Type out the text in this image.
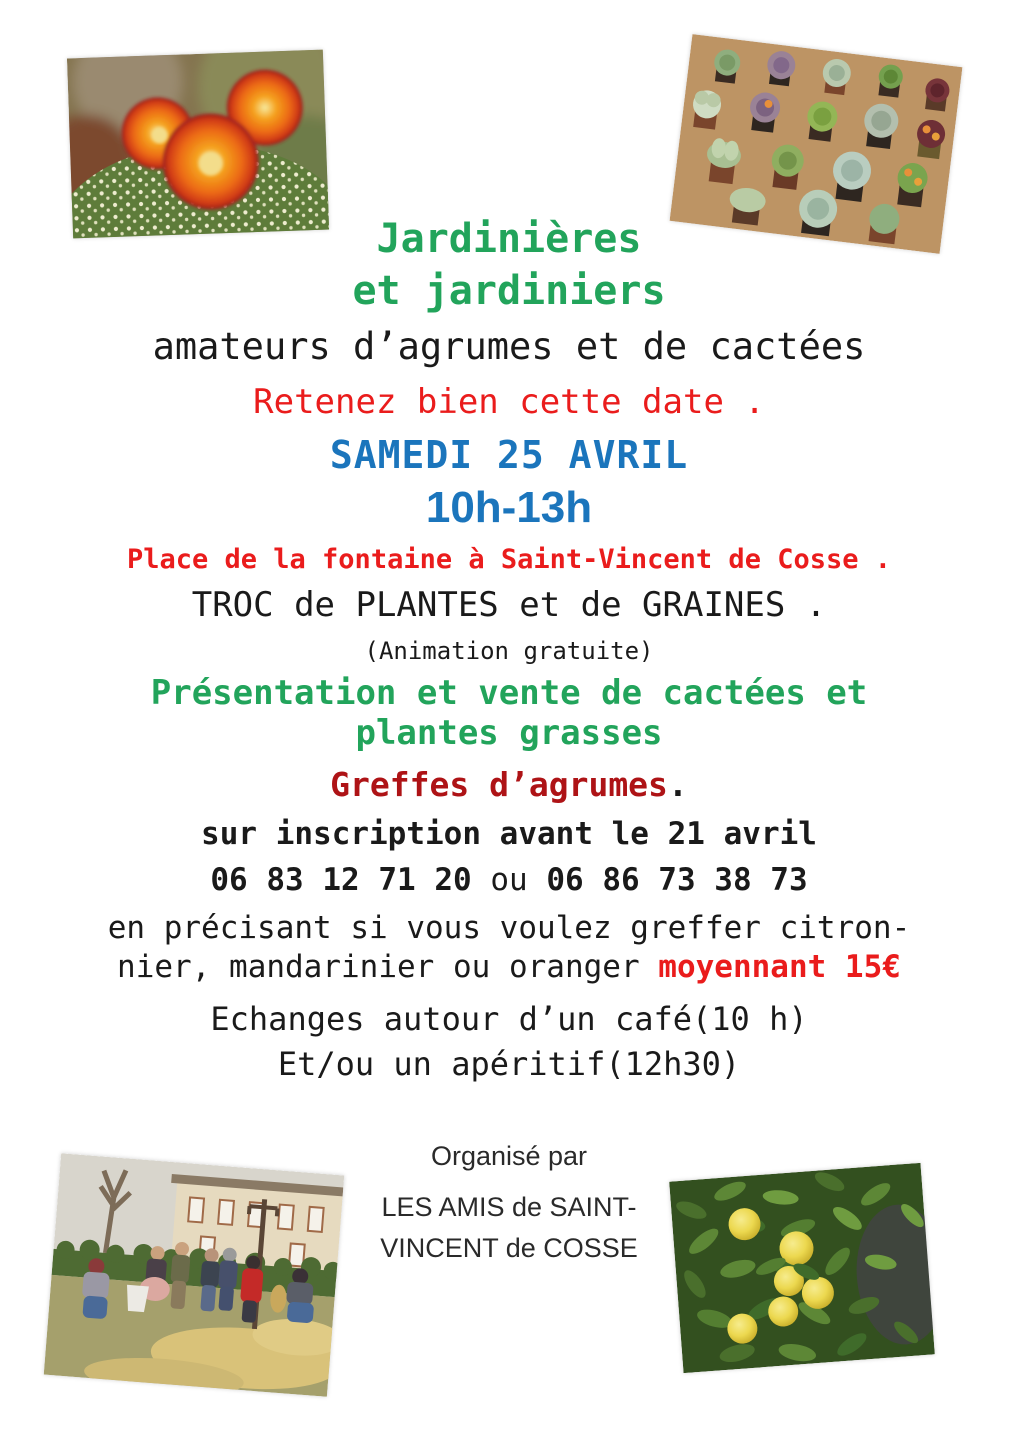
Jardinières
et jardiniers
amateurs d’agrumes et de cactées
Retenez bien cette date .
SAMEDI 25 AVRIL
10h-13h
Place de la fontaine à Saint-Vincent de Cosse .
TROC de PLANTES et de GRAINES .
(Animation gratuite)
Présentation et vente de cactées et
plantes grasses
Greffes d’agrumes.
sur inscription avant le 21 avril
06 83 12 71 20 ou 06 86 73 38 73
en précisant si vous voulez greffer citron-
nier, mandarinier ou oranger moyennant 15€
Echanges autour d’un café(10 h)
Et/ou un apéritif(12h30)
Organisé par
LES AMIS de SAINT-
VINCENT de COSSE
